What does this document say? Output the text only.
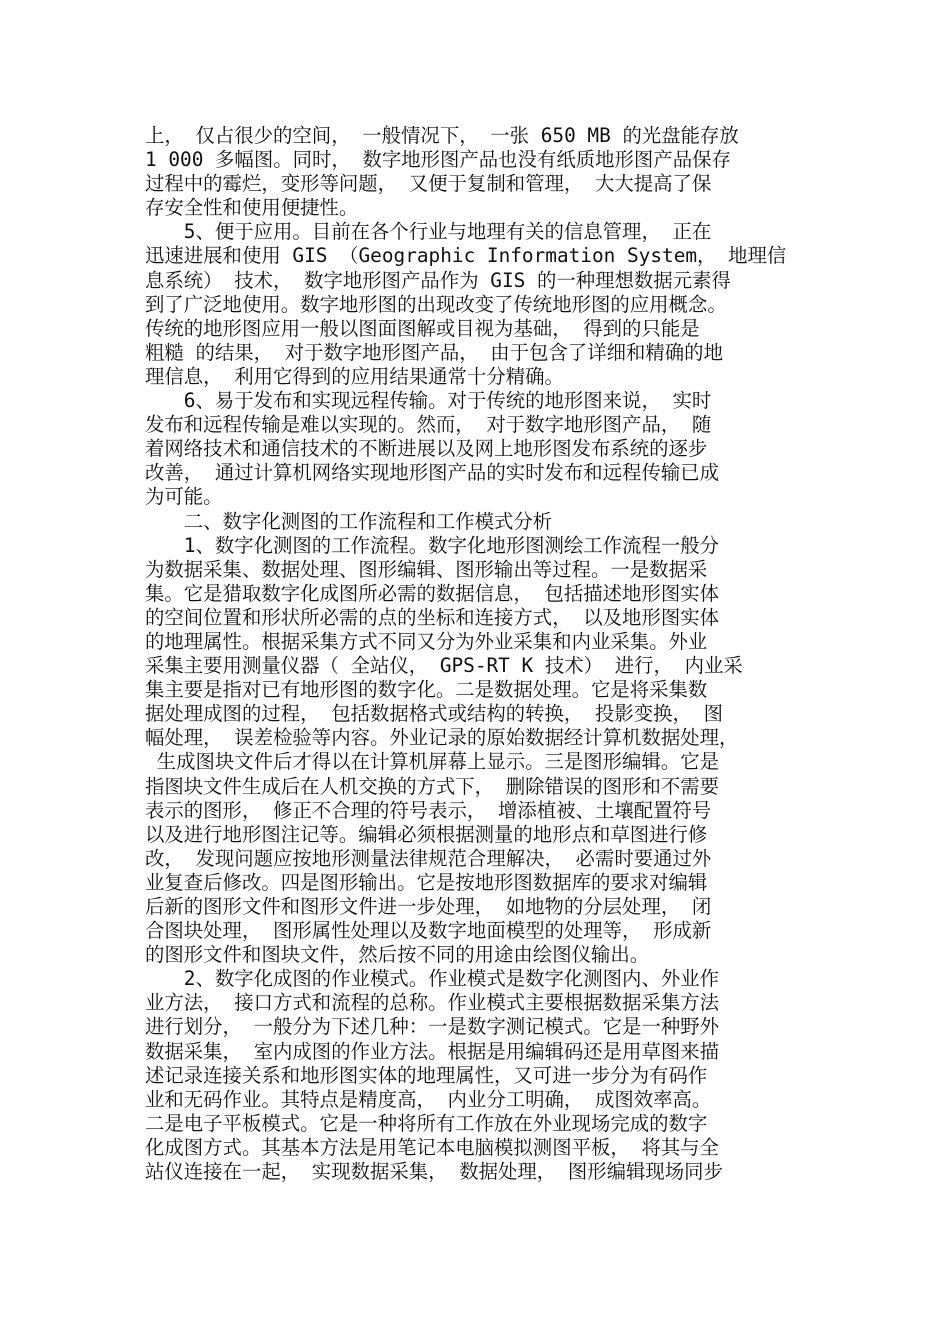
上， 仅占很少的空间， 一般情况下， 一张 650 MB 的光盘能存放
1 000 多幅图。同时， 数字地形图产品也没有纸质地形图产品保存
过程中的霉烂，变形等问题， 又便于复制和管理， 大大提高了保
存安全性和使用便捷性。
　　5、便于应用。目前在各个行业与地理有关的信息管理， 正在
迅速进展和使用 GIS （Geographic Information System， 地理信
息系统） 技术， 数字地形图产品作为 GIS 的一种理想数据元素得
到了广泛地使用。数字地形图的出现改变了传统地形图的应用概念。
传统的地形图应用一般以图面图解或目视为基础， 得到的只能是
粗糙 的结果， 对于数字地形图产品， 由于包含了详细和精确的地
理信息， 利用它得到的应用结果通常十分精确。
　　6、易于发布和实现远程传输。对于传统的地形图来说， 实时
发布和远程传输是难以实现的。然而， 对于数字地形图产品， 随
着网络技术和通信技术的不断进展以及网上地形图发布系统的逐步
改善， 通过计算机网络实现地形图产品的实时发布和远程传输已成
为可能。
　　二、数字化测图的工作流程和工作模式分析
　　1、数字化测图的工作流程。数字化地形图测绘工作流程一般分
为数据采集、数据处理、图形编辑、图形输出等过程。一是数据采
集。它是猎取数字化成图所必需的数据信息， 包括描述地形图实体
的空间位置和形状所必需的点的坐标和连接方式， 以及地形图实体
的地理属性。根据采集方式不同又分为外业采集和内业采集。外业
采集主要用测量仪器（ 全站仪， GPS-RT K 技术） 进行， 内业采
集主要是指对已有地形图的数字化。二是数据处理。它是将采集数
据处理成图的过程， 包括数据格式或结构的转换， 投影变换， 图
幅处理， 误差检验等内容。外业记录的原始数据经计算机数据处理，
生成图块文件后才得以在计算机屏幕上显示。三是图形编辑。它是
指图块文件生成后在人机交换的方式下， 删除错误的图形和不需要
表示的图形， 修正不合理的符号表示， 增添植被、土壤配置符号
以及进行地形图注记等。编辑必须根据测量的地形点和草图进行修
改， 发现问题应按地形测量法律规范合理解决， 必需时要通过外
业复查后修改。四是图形输出。它是按地形图数据库的要求对编辑
后新的图形文件和图形文件进一步处理， 如地物的分层处理， 闭
合图块处理， 图形属性处理以及数字地面模型的处理等， 形成新
的图形文件和图块文件，然后按不同的用途由绘图仪输出。
　　2、数字化成图的作业模式。作业模式是数字化测图内、外业作
业方法， 接口方式和流程的总称。作业模式主要根据数据采集方法
进行划分， 一般分为下述几种：一是数字测记模式。它是一种野外
数据采集， 室内成图的作业方法。根据是用编辑码还是用草图来描
述记录连接关系和地形图实体的地理属性，又可进一步分为有码作
业和无码作业。其特点是精度高， 内业分工明确， 成图效率高。
二是电子平板模式。它是一种将所有工作放在外业现场完成的数字
化成图方式。其基本方法是用笔记本电脑模拟测图平板， 将其与全
站仪连接在一起， 实现数据采集， 数据处理， 图形编辑现场同步
